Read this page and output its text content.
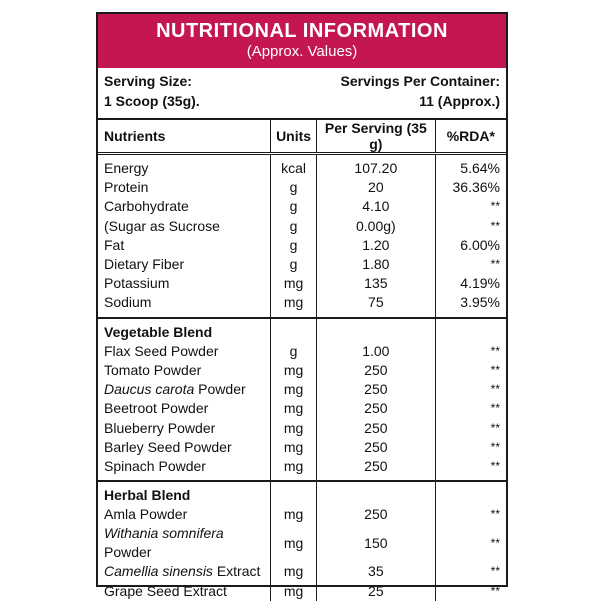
NUTRITIONAL INFORMATION
(Approx. Values)
Serving Size:
1 Scoop (35g).
Servings Per Container:
11 (Approx.)
Nutrients	Units	Per Serving (35 g)	%RDA*

Energy	kcal	107.20	5.64%
Protein	g	20	36.36%
Carbohydrate	g	4.10	**
(Sugar as Sucrose	g	0.00g)	**
Fat	g	1.20	6.00%
Dietary Fiber	g	1.80	**
Potassium	mg	135	4.19%
Sodium	mg	75	3.95%

Vegetable Blend			
Flax Seed Powder	g	1.00	**
Tomato Powder	mg	250	**
Daucus carota Powder	mg	250	**
Beetroot Powder	mg	250	**
Blueberry Powder	mg	250	**
Barley Seed Powder	mg	250	**
Spinach Powder	mg	250	**

Herbal Blend			
Amla Powder	mg	250	**
Withania somnifera Powder	mg	150	**
Camellia sinensis Extract	mg	35	**
Grape Seed Extract	mg	25	**
